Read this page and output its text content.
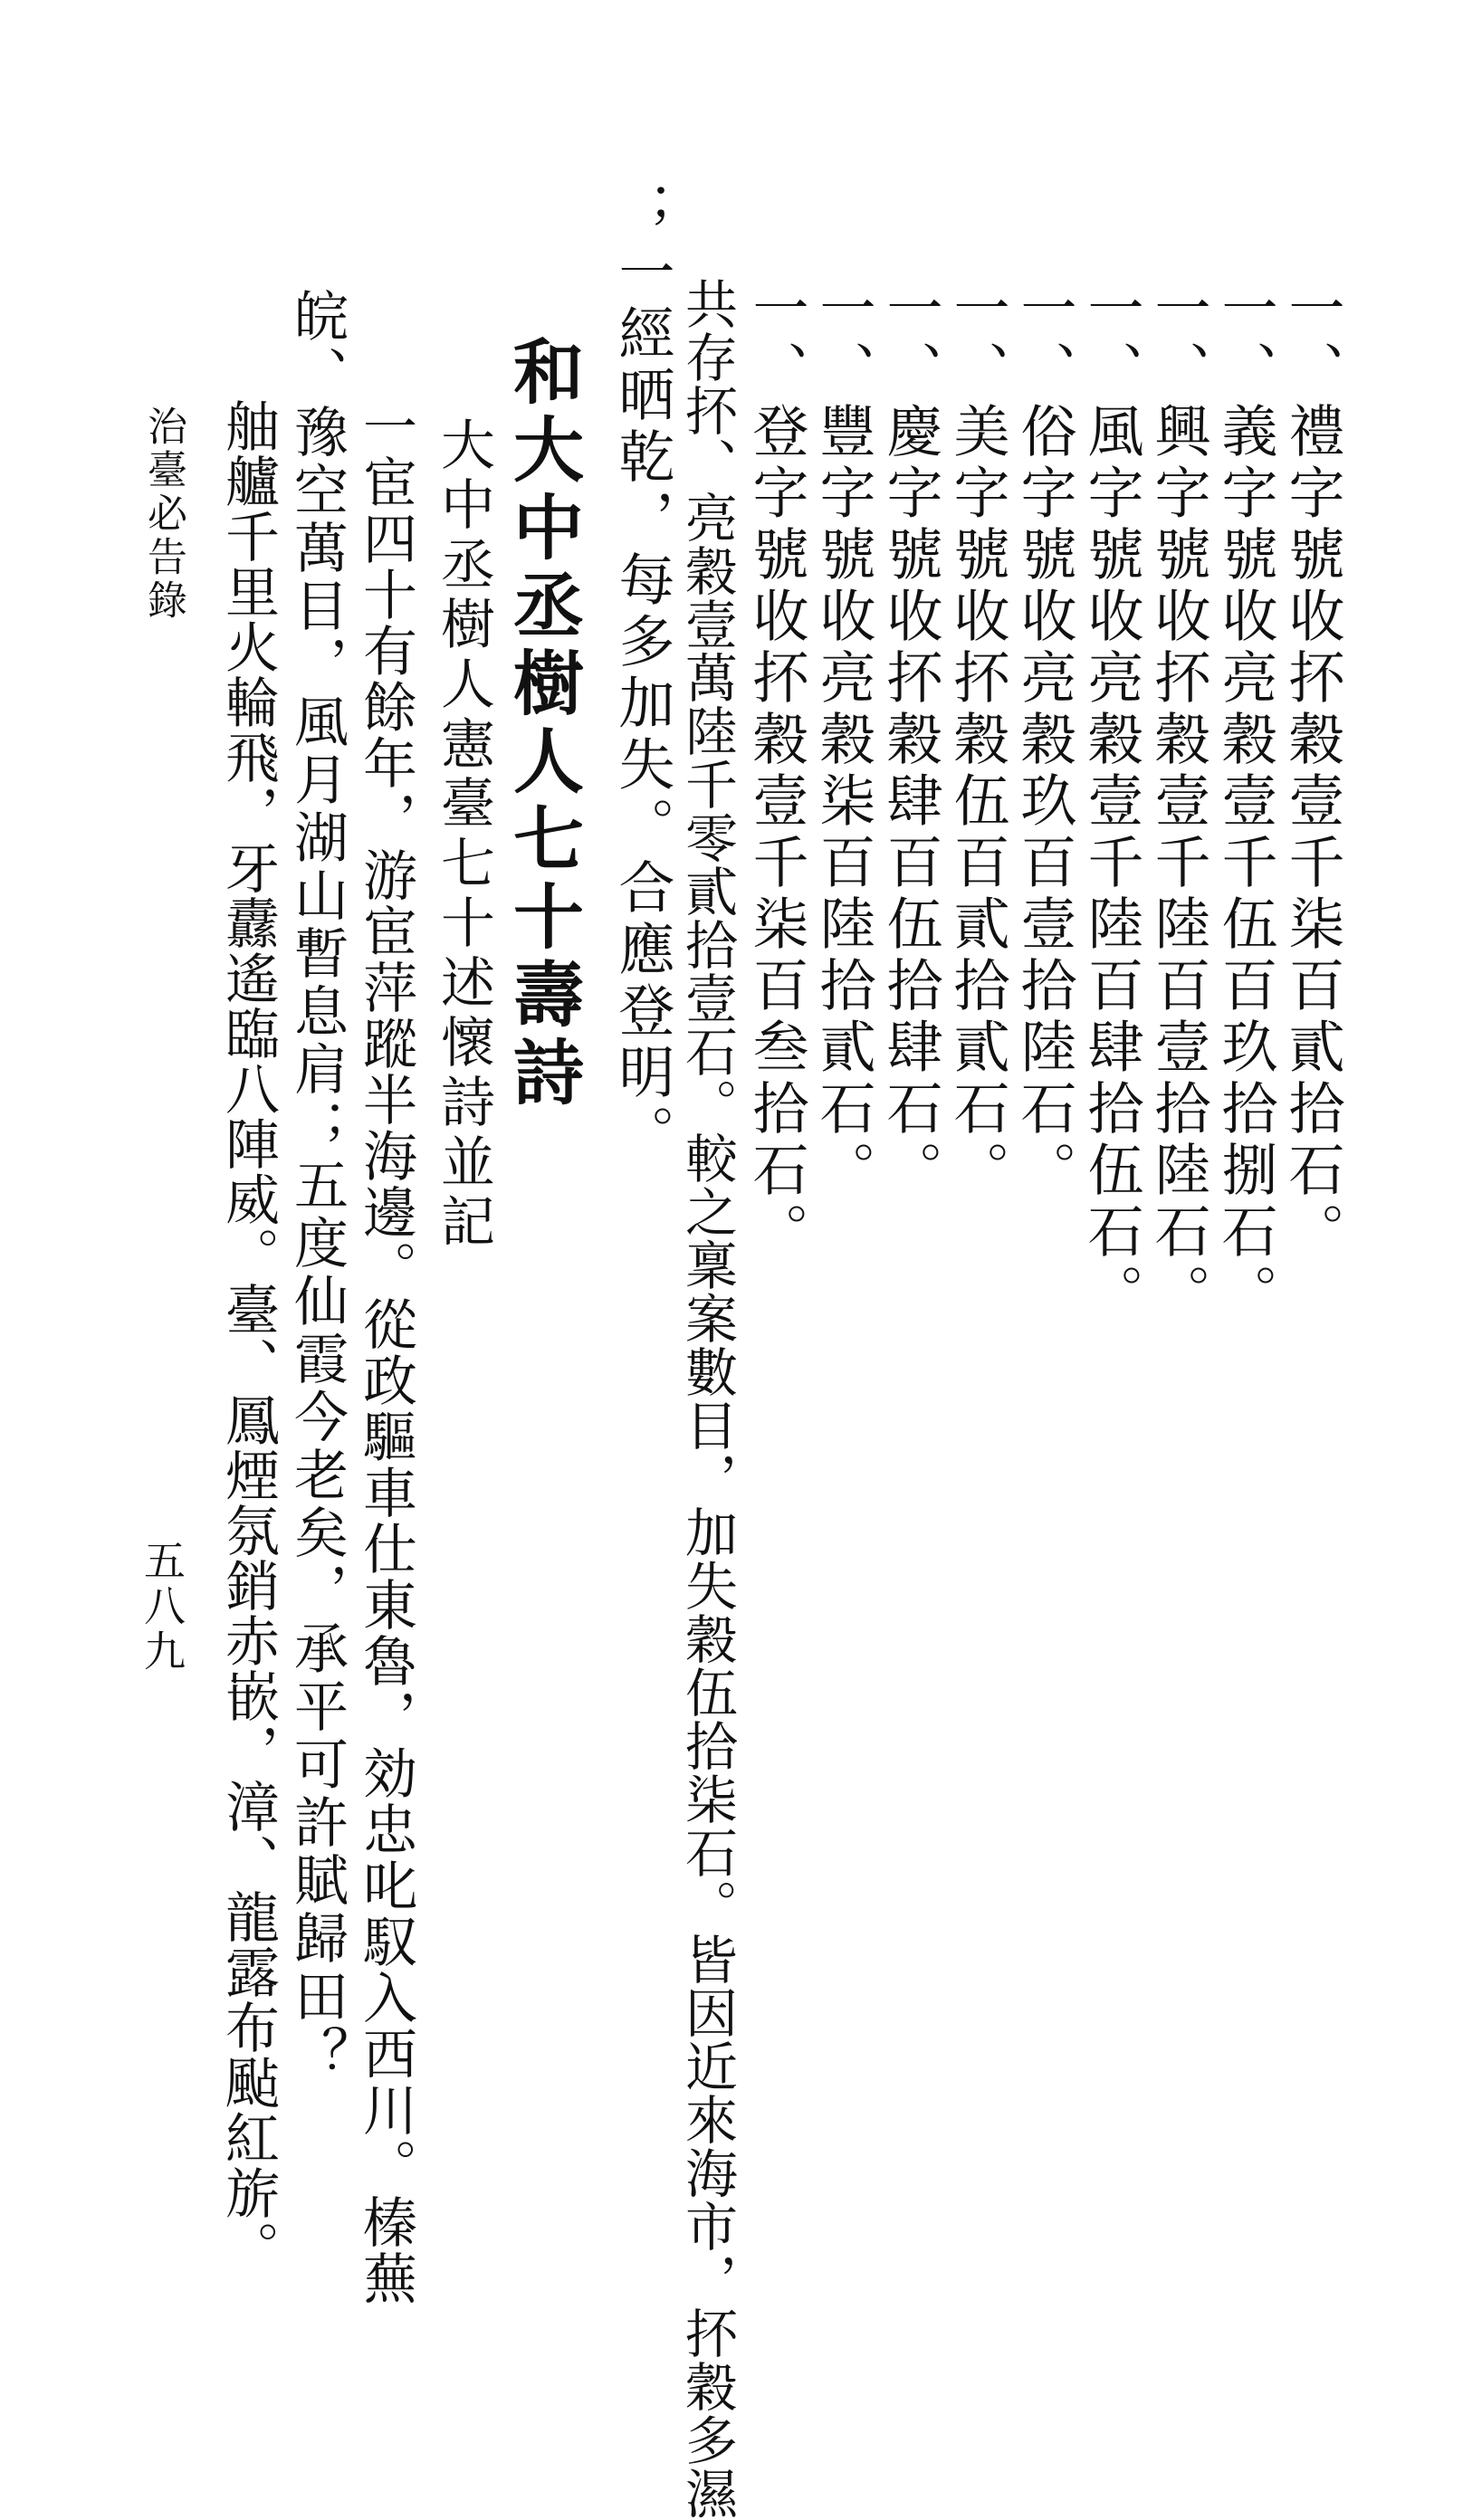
一、禮字號收抔穀壹千柒百貳拾石。
一、義字號收亮穀壹千伍百玖拾捌石。
一、興字號收抔穀壹千陸百壹拾陸石。
一、風字號收亮穀壹千陸百肆拾伍石。
一、俗字號收亮穀玖百壹拾陸石。
一、美字號收抔穀伍百貳拾貳石。
一、慶字號收抔穀肆百伍拾肆石。
一、豐字號收亮穀柒百陸拾貳石。
一、登字號收抔穀壹千柒百叁拾石。
共存抔、亮穀壹萬陸千零貳拾壹石。較之稟案數目，加失穀伍拾柒石。皆因近來海市，抔穀多濕
；一經晒乾，每多加失。合應登明。
和大中丞樹人七十壽詩
大中丞樹人憲臺七十述懷詩並記
一宦四十有餘年，游宦萍蹤半海邊。從政驅車仕東魯，効忠叱馭入西川。榛蕪
皖、豫空萬目，風月湖山暫息肩；五度仙霞今老矣，承平可許賦歸田？
舳艫千里火輪飛，牙纛遙臨八陣威。臺、鳳煙氛銷赤嵌，漳、龍露布颭紅旂。
治臺必告錄
五八九
